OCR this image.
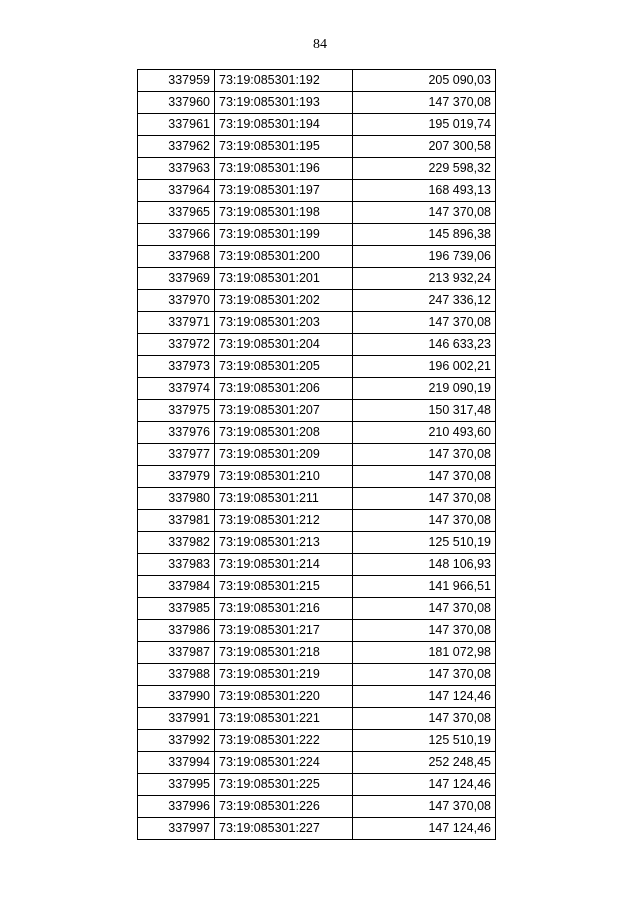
84
337959	73:19:085301:192	205 090,03
337960	73:19:085301:193	147 370,08
337961	73:19:085301:194	195 019,74
337962	73:19:085301:195	207 300,58
337963	73:19:085301:196	229 598,32
337964	73:19:085301:197	168 493,13
337965	73:19:085301:198	147 370,08
337966	73:19:085301:199	145 896,38
337968	73:19:085301:200	196 739,06
337969	73:19:085301:201	213 932,24
337970	73:19:085301:202	247 336,12
337971	73:19:085301:203	147 370,08
337972	73:19:085301:204	146 633,23
337973	73:19:085301:205	196 002,21
337974	73:19:085301:206	219 090,19
337975	73:19:085301:207	150 317,48
337976	73:19:085301:208	210 493,60
337977	73:19:085301:209	147 370,08
337979	73:19:085301:210	147 370,08
337980	73:19:085301:211	147 370,08
337981	73:19:085301:212	147 370,08
337982	73:19:085301:213	125 510,19
337983	73:19:085301:214	148 106,93
337984	73:19:085301:215	141 966,51
337985	73:19:085301:216	147 370,08
337986	73:19:085301:217	147 370,08
337987	73:19:085301:218	181 072,98
337988	73:19:085301:219	147 370,08
337990	73:19:085301:220	147 124,46
337991	73:19:085301:221	147 370,08
337992	73:19:085301:222	125 510,19
337994	73:19:085301:224	252 248,45
337995	73:19:085301:225	147 124,46
337996	73:19:085301:226	147 370,08
337997	73:19:085301:227	147 124,46
